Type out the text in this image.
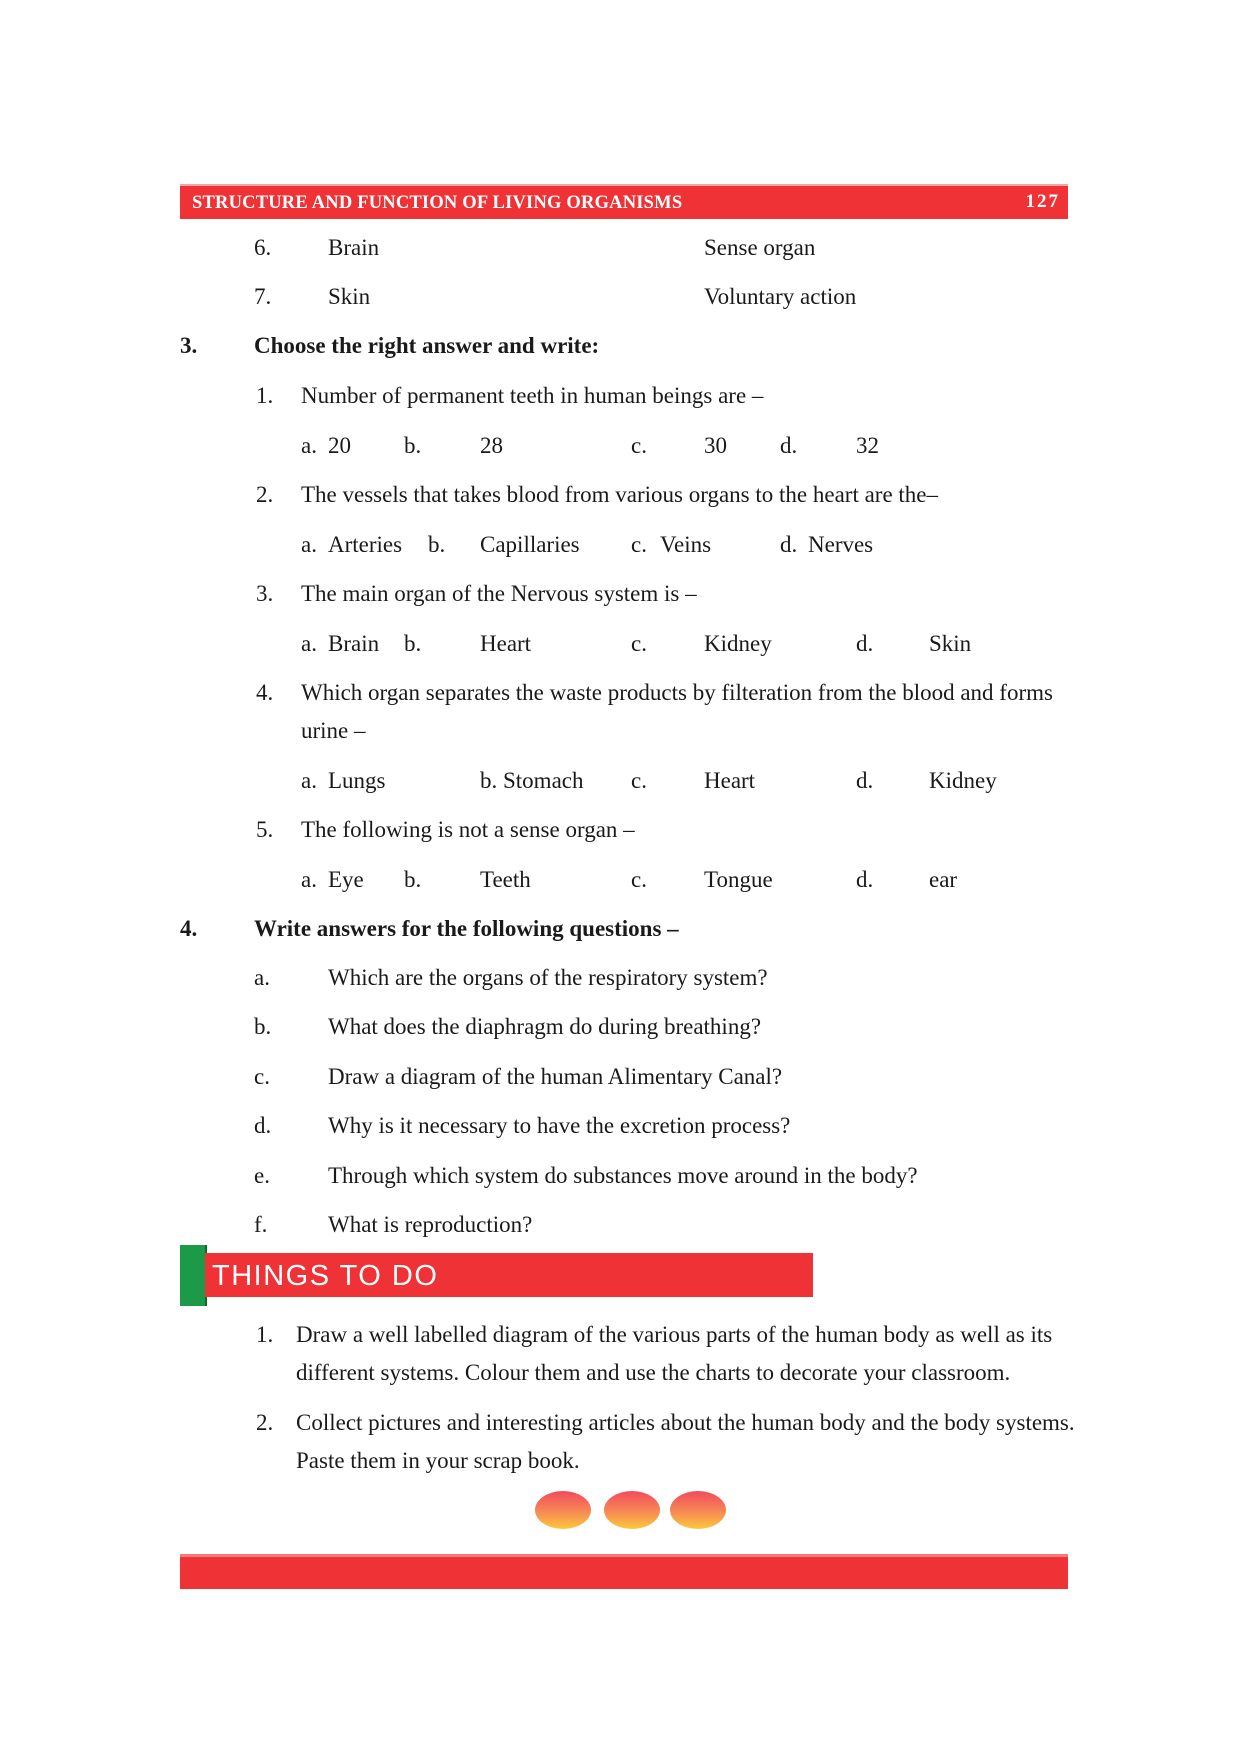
STRUCTURE AND FUNCTION OF LIVING ORGANISMS	127
6. Brain	Sense organ
7. Skin	Voluntary action
3. Choose the right answer and write:
1. Number of permanent teeth in human beings are –
a. 20 b.	28	c. 30 d.	32
2. The vessels that takes blood from various organs to the heart are the–
a. Arteries b. Capillaries c. Veins	d. Nerves
3. The main organ of the Nervous system is –
a. Brain b.	Heart	c. Kidney	d. Skin
4. Which organ separates the waste products by filteration from the blood and forms
urine –
a. Lungs	b. Stomach c. Heart	d. Kidney
5. The following is not a sense organ –
a. Eye b.	Teeth	c. Tongue	d. ear
4. Write answers for the following questions –
a.	Which are the organs of the respiratory system?
b. What does the diaphragm do during breathing?
c.	Draw a diagram of the human Alimentary Canal?
d. Why is it necessary to have the excretion process?
e.	Through which system do substances move around in the body?
f.	What is reproduction?
THINGS TO DO
1. Draw a well labelled diagram of the various parts of the human body as well as its
different systems. Colour them and use the charts to decorate your classroom.
2. Collect pictures and interesting articles about the human body and the body systems.
Paste them in your scrap book.
